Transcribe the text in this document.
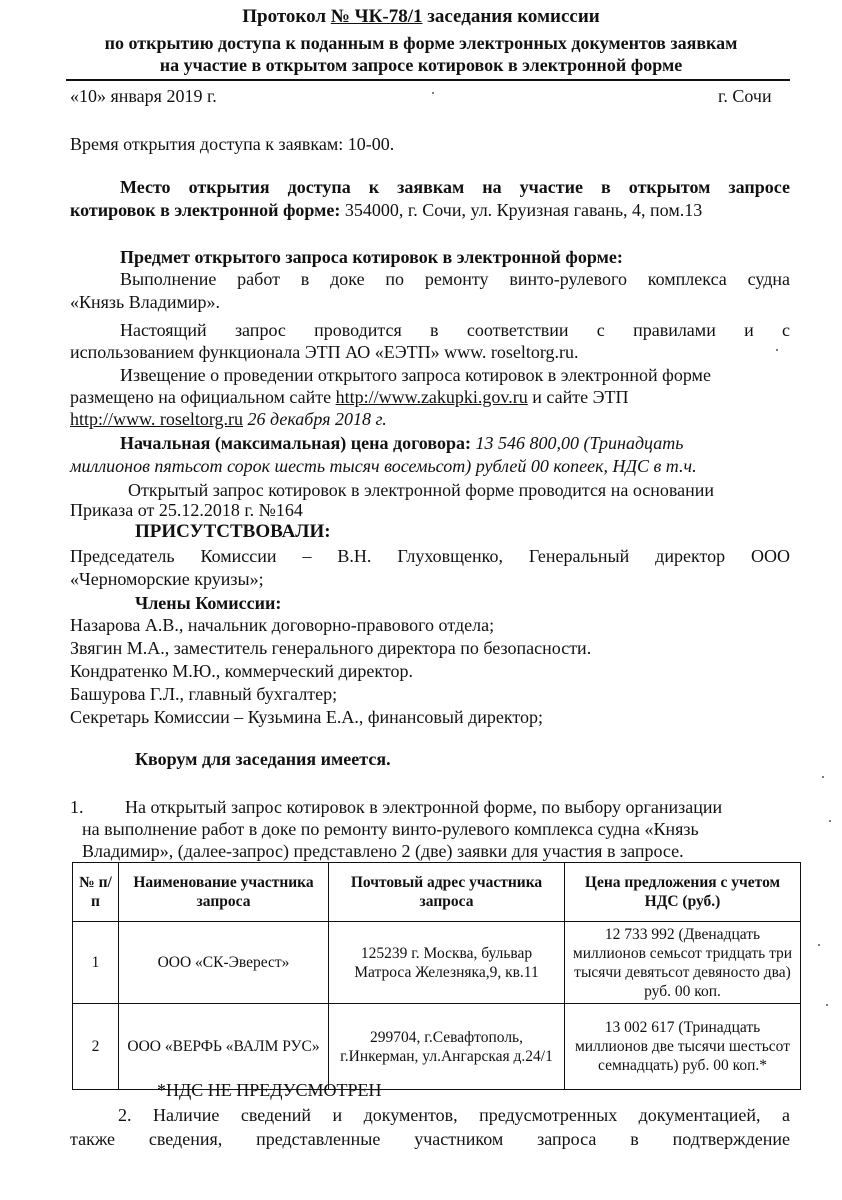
Протокол № ЧК-78/1 заседания комиссии
по открытию доступа к поданным в форме электронных документов заявкам
на участие в открытом запросе котировок в электронной форме
«10» января 2019 г.	г. Сочи
Время открытия доступа к заявкам: 10-00.
Место открытия доступа к заявкам на участие в открытом запросе
котировок в электронной форме: 354000, г. Сочи, ул. Круизная гавань, 4, пом.13
Предмет открытого запроса котировок в электронной форме:
Выполнение работ в доке по ремонту винто-рулевого комплекса судна
«Князь Владимир».
Настоящий запрос проводится в соответствии с правилами и с
использованием функционала ЭТП АО «ЕЭТП» www. roseltorg.ru.
Извещение о проведении открытого запроса котировок в электронной форме
размещено на официальном сайте http://www.zakupki.gov.ru и сайте ЭТП
http://www. roseltorg.ru 26 декабря 2018 г.
Начальная (максимальная) цена договора: 13 546 800,00 (Тринадцать
миллионов пятьсот сорок шесть тысяч восемьсот) рублей 00 копеек, НДС в т.ч.
Открытый запрос котировок в электронной форме проводится на основании
Приказа от 25.12.2018 г. №164
ПРИСУТСТВОВАЛИ:
Председатель Комиссии – В.Н. Глуховщенко, Генеральный директор ООО
«Черноморские круизы»;
Члены Комиссии:
Назарова А.В., начальник договорно-правового отдела;
Звягин М.А., заместитель генерального директора по безопасности.
Кондратенко М.Ю., коммерческий директор.
Башурова Г.Л., главный бухгалтер;
Секретарь Комиссии – Кузьмина Е.А., финансовый директор;
Кворум для заседания имеется.
1. На открытый запрос котировок в электронной форме, по выбору организации
на выполнение работ в доке по ремонту винто-рулевого комплекса судна «Князь
Владимир», (далее-запрос) представлено 2 (две) заявки для участия в запросе.
№ п/п	Наименование участника запроса	Почтовый адрес участника запроса	Цена предложения с учетом НДС (руб.)
1	ООО «СК-Эверест»	125239 г. Москва, бульвар Матроса Железняка,9, кв.11	12 733 992 (Двенадцать миллионов семьсот тридцать три тысячи девятьсот девяносто два) руб. 00 коп.
2	ООО «ВЕРФЬ «ВАЛМ РУС»	299704, г.Севафтополь, г.Инкерман, ул.Ангарская д.24/1	13 002 617 (Тринадцать миллионов две тысячи шестьсот семнадцать) руб. 00 коп.*
*НДС НЕ ПРЕДУСМОТРЕН
2. Наличие сведений и документов, предусмотренных документацией, а
также сведения, представленные участником запроса в подтверждение
